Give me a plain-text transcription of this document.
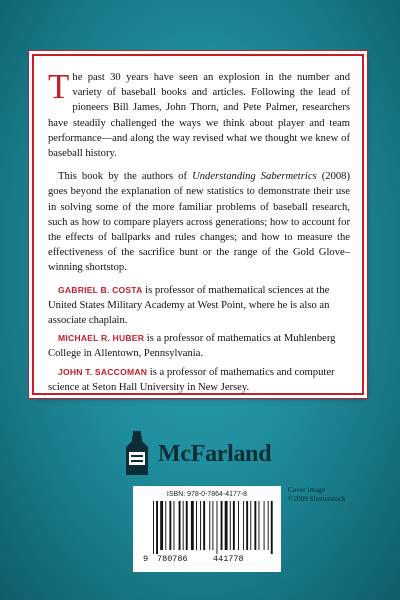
The past 30 years have seen an explosion in the number and variety of baseball books and articles. Following the lead of pioneers Bill James, John Thorn, and Pete Palmer, researchers have steadily challenged the ways we think about player and team performance—and along the way revised what we thought we knew of baseball history.

This book by the authors of Understanding Sabermetrics (2008) goes beyond the explanation of new statistics to demonstrate their use in solving some of the more familiar problems of baseball research, such as how to compare players across generations; how to account for the effects of ballparks and rules changes; and how to measure the effectiveness of the sacrifice bunt or the range of the Gold Glove–winning shortstop.

GABRIEL B. COSTA is professor of mathematical sciences at the United States Military Academy at West Point, where he is also an associate chaplain.

MICHAEL R. HUBER is a professor of mathematics at Muhlenberg College in Allentown, Pennsylvania.

JOHN T. SACCOMAN is a professor of mathematics and computer science at Seton Hall University in New Jersey.

McFarland
Cover image
©2009 Shutterstock

ISBN: 978-0-7864-4177-8

9 780786	441778
